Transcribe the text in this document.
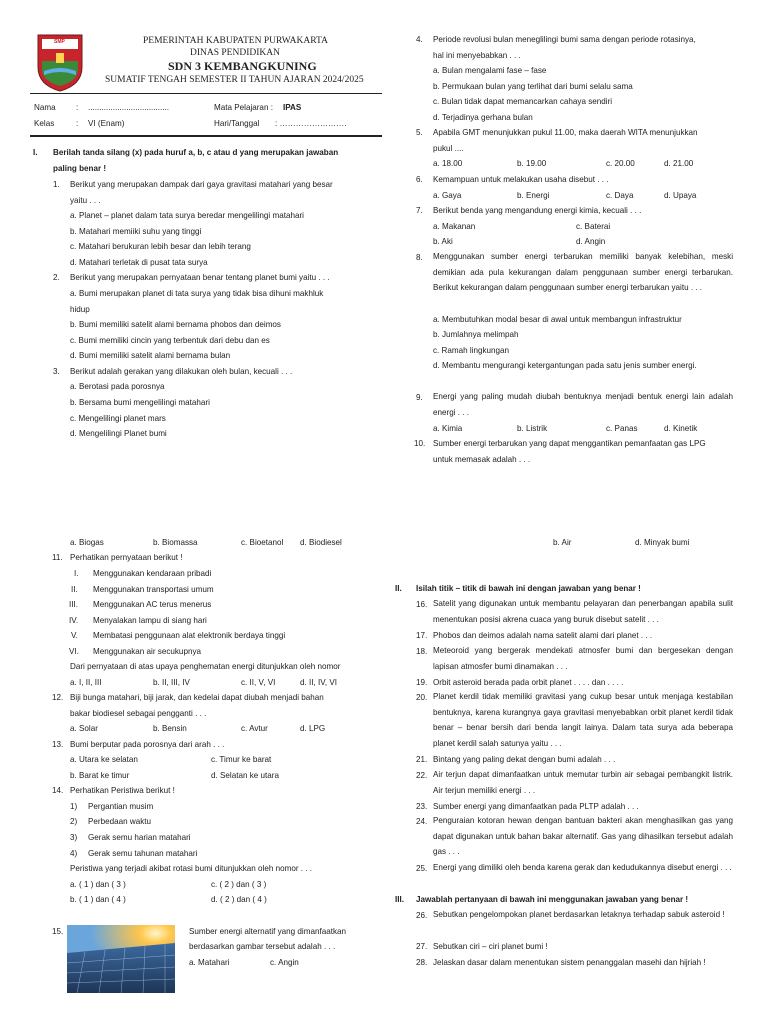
SMP	PEMERINTAH KABUPATEN PURWAKARTA
DINAS PENDIDIKAN
SDN 3 KEMBANGKUNING
SUMATIF TENGAH SEMESTER II TAHUN AJARAN 2024/2025
Nama	: ....................................
Kelas	: VI (Enam)
Mata Pelajaran : IPAS
Hari/Tanggal : …………………….
I. Berilah tanda silang (x) pada huruf a, b, c atau d yang merupakan jawaban
paling benar !
1. Berikut yang merupakan dampak dari gaya gravitasi matahari yang besar
yaitu . . .
a. Planet – planet dalam tata surya beredar mengelilingi matahari
b. Matahari memiiki suhu yang tinggi
c. Matahari berukuran lebih besar dan lebih terang
d. Matahari terletak di pusat tata surya
2. Berikut yang merupakan pernyataan benar tentang planet bumi yaitu . . .
a. Bumi merupakan planet di tata surya yang tidak bisa dihuni makhluk
hidup
b. Bumi memiliki satelit alami bernama phobos dan deimos
c. Bumi memiliki cincin yang terbentuk dari debu dan es
d. Bumi memiliki satelit alami bernama bulan
3. Berikut adalah gerakan yang dilakukan oleh bulan, kecuali . . .
a. Berotasi pada porosnya
b. Bersama bumi mengelilingi matahari
c. Mengelilingi planet mars
d. Mengelilingi Planet bumi
4. Periode revolusi bulan meneglilingi bumi sama dengan periode rotasinya,
hal ini menyebabkan . . .
a. Bulan mengalami fase – fase
b. Permukaan bulan yang terlihat dari bumi selalu sama
c. Bulan tidak dapat memancarkan cahaya sendiri
d. Terjadinya gerhana bulan
5. Apabila GMT menunjukkan pukul 11.00, maka daerah WITA menunjukkan
pukul ....
a. 18.00	b. 19.00	c. 20.00	d. 21.00
6. Kemampuan untuk melakukan usaha disebut . . .
a. Gaya	b. Energi	c. Daya	d. Upaya
7. Berikut benda yang mengandung energi kimia, kecuali . . .
a. Makanan	c. Baterai
b. Aki	d. Angin
8. Menggunakan sumber energi terbarukan memiliki banyak kelebihan, meski demikian ada pula kekurangan dalam penggunaan sumber energi terbarukan. Berikut kekurangan dalam penggunaan sumber energi terbarukan yaitu . . .
a. Membutuhkan modal besar di awal untuk membangun infrastruktur
b. Jumlahnya melimpah
c. Ramah lingkungan
d. Membantu mengurangi ketergantungan pada satu jenis sumber energi.
9. Energi yang paling mudah diubah bentuknya menjadi bentuk energi lain adalah energi . . .
a. Kimia	b. Listrik	c. Panas	d. Kinetik
10. Sumber energi terbarukan yang dapat menggantikan pemanfaatan gas LPG
untuk memasak adalah . . .
a. Biogas	b. Biomassa	c. Bioetanol d. Biodiesel
11. Perhatikan pernyataan berikut !
I. Menggunakan kendaraan pribadi
II. Menggunakan transportasi umum
III. Menggunakan AC terus menerus
IV. Menyalakan lampu di siang hari
V. Membatasi penggunaan alat elektronik berdaya tinggi
VI. Menggunakan air secukupnya
Dari pernyataan di atas upaya penghematan energi ditunjukkan oleh nomor
a. I, II, III	b. II, III, IV	c. II, V, VI	d. II, IV, VI
12. Biji bunga matahari, biji jarak, dan kedelai dapat diubah menjadi bahan
bakar biodiesel sebagai pengganti . . .
a. Solar	b. Bensin	c. Avtur	d. LPG
13. Bumi berputar pada porosnya dari arah . . .
a. Utara ke selatan	c. Timur ke barat
b. Barat ke timur	d. Selatan ke utara
14. Perhatikan Peristiwa berikut !
1) Pergantian musim
2) Perbedaan waktu
3) Gerak semu harian matahari
4) Gerak semu tahunan matahari
Peristiwa yang terjadi akibat rotasi bumi ditunjukkan oleh nomor . . .
a. ( 1 ) dan ( 3 )	c. ( 2 ) dan ( 3 )
b. ( 1 ) dan ( 4 )	d. ( 2 ) dan ( 4 )
15.	Sumber energi alternatif yang dimanfaatkan
berdasarkan gambar tersebut adalah . . .
a. Matahari	c. Angin
b. Air	d. Minyak bumi
II. Isilah titik – titik di bawah ini dengan jawaban yang benar !
16. Satelit yang digunakan untuk membantu pelayaran dan penerbangan apabila sulit menentukan posisi akrena cuaca yang buruk disebut satelit . . .
17. Phobos dan deimos adalah nama satelit alami dari planet . . .
18. Meteoroid yang bergerak mendekati atmosfer bumi dan bergesekan dengan lapisan atmosfer bumi dinamakan . . .
19. Orbit asteroid berada pada orbit planet . . . . dan . . . .
20. Planet kerdil tidak memiliki gravitasi yang cukup besar untuk menjaga kestabilan bentuknya, karena kurangnya gaya gravitasi menyebabkan orbit planet kerdil tidak benar – benar bersih dari benda langit lainya. Dalam tata surya ada beberapa planet kerdil salah satunya yaitu . . .
21. Bintang yang paling dekat dengan bumi adalah . . .
22. Air terjun dapat dimanfaatkan untuk memutar turbin air sebagai pembangkit listrik. Air terjun memiliki energi . . .
23. Sumber energi yang dimanfaatkan pada PLTP adalah . . .
24. Penguraian kotoran hewan dengan bantuan bakteri akan menghasilkan gas yang dapat digunakan untuk bahan bakar alternatif. Gas yang dihasilkan tersebut adalah gas . . .
25. Energi yang dimiliki oleh benda karena gerak dan kedudukannya disebut energi . . .
III. Jawablah pertanyaan di bawah ini menggunakan jawaban yang benar !
26. Sebutkan pengelompokan planet berdasarkan letaknya terhadap sabuk asteroid !
27. Sebutkan ciri – ciri planet bumi !
28. Jelaskan dasar dalam menentukan sistem penanggalan masehi dan hijriah !
